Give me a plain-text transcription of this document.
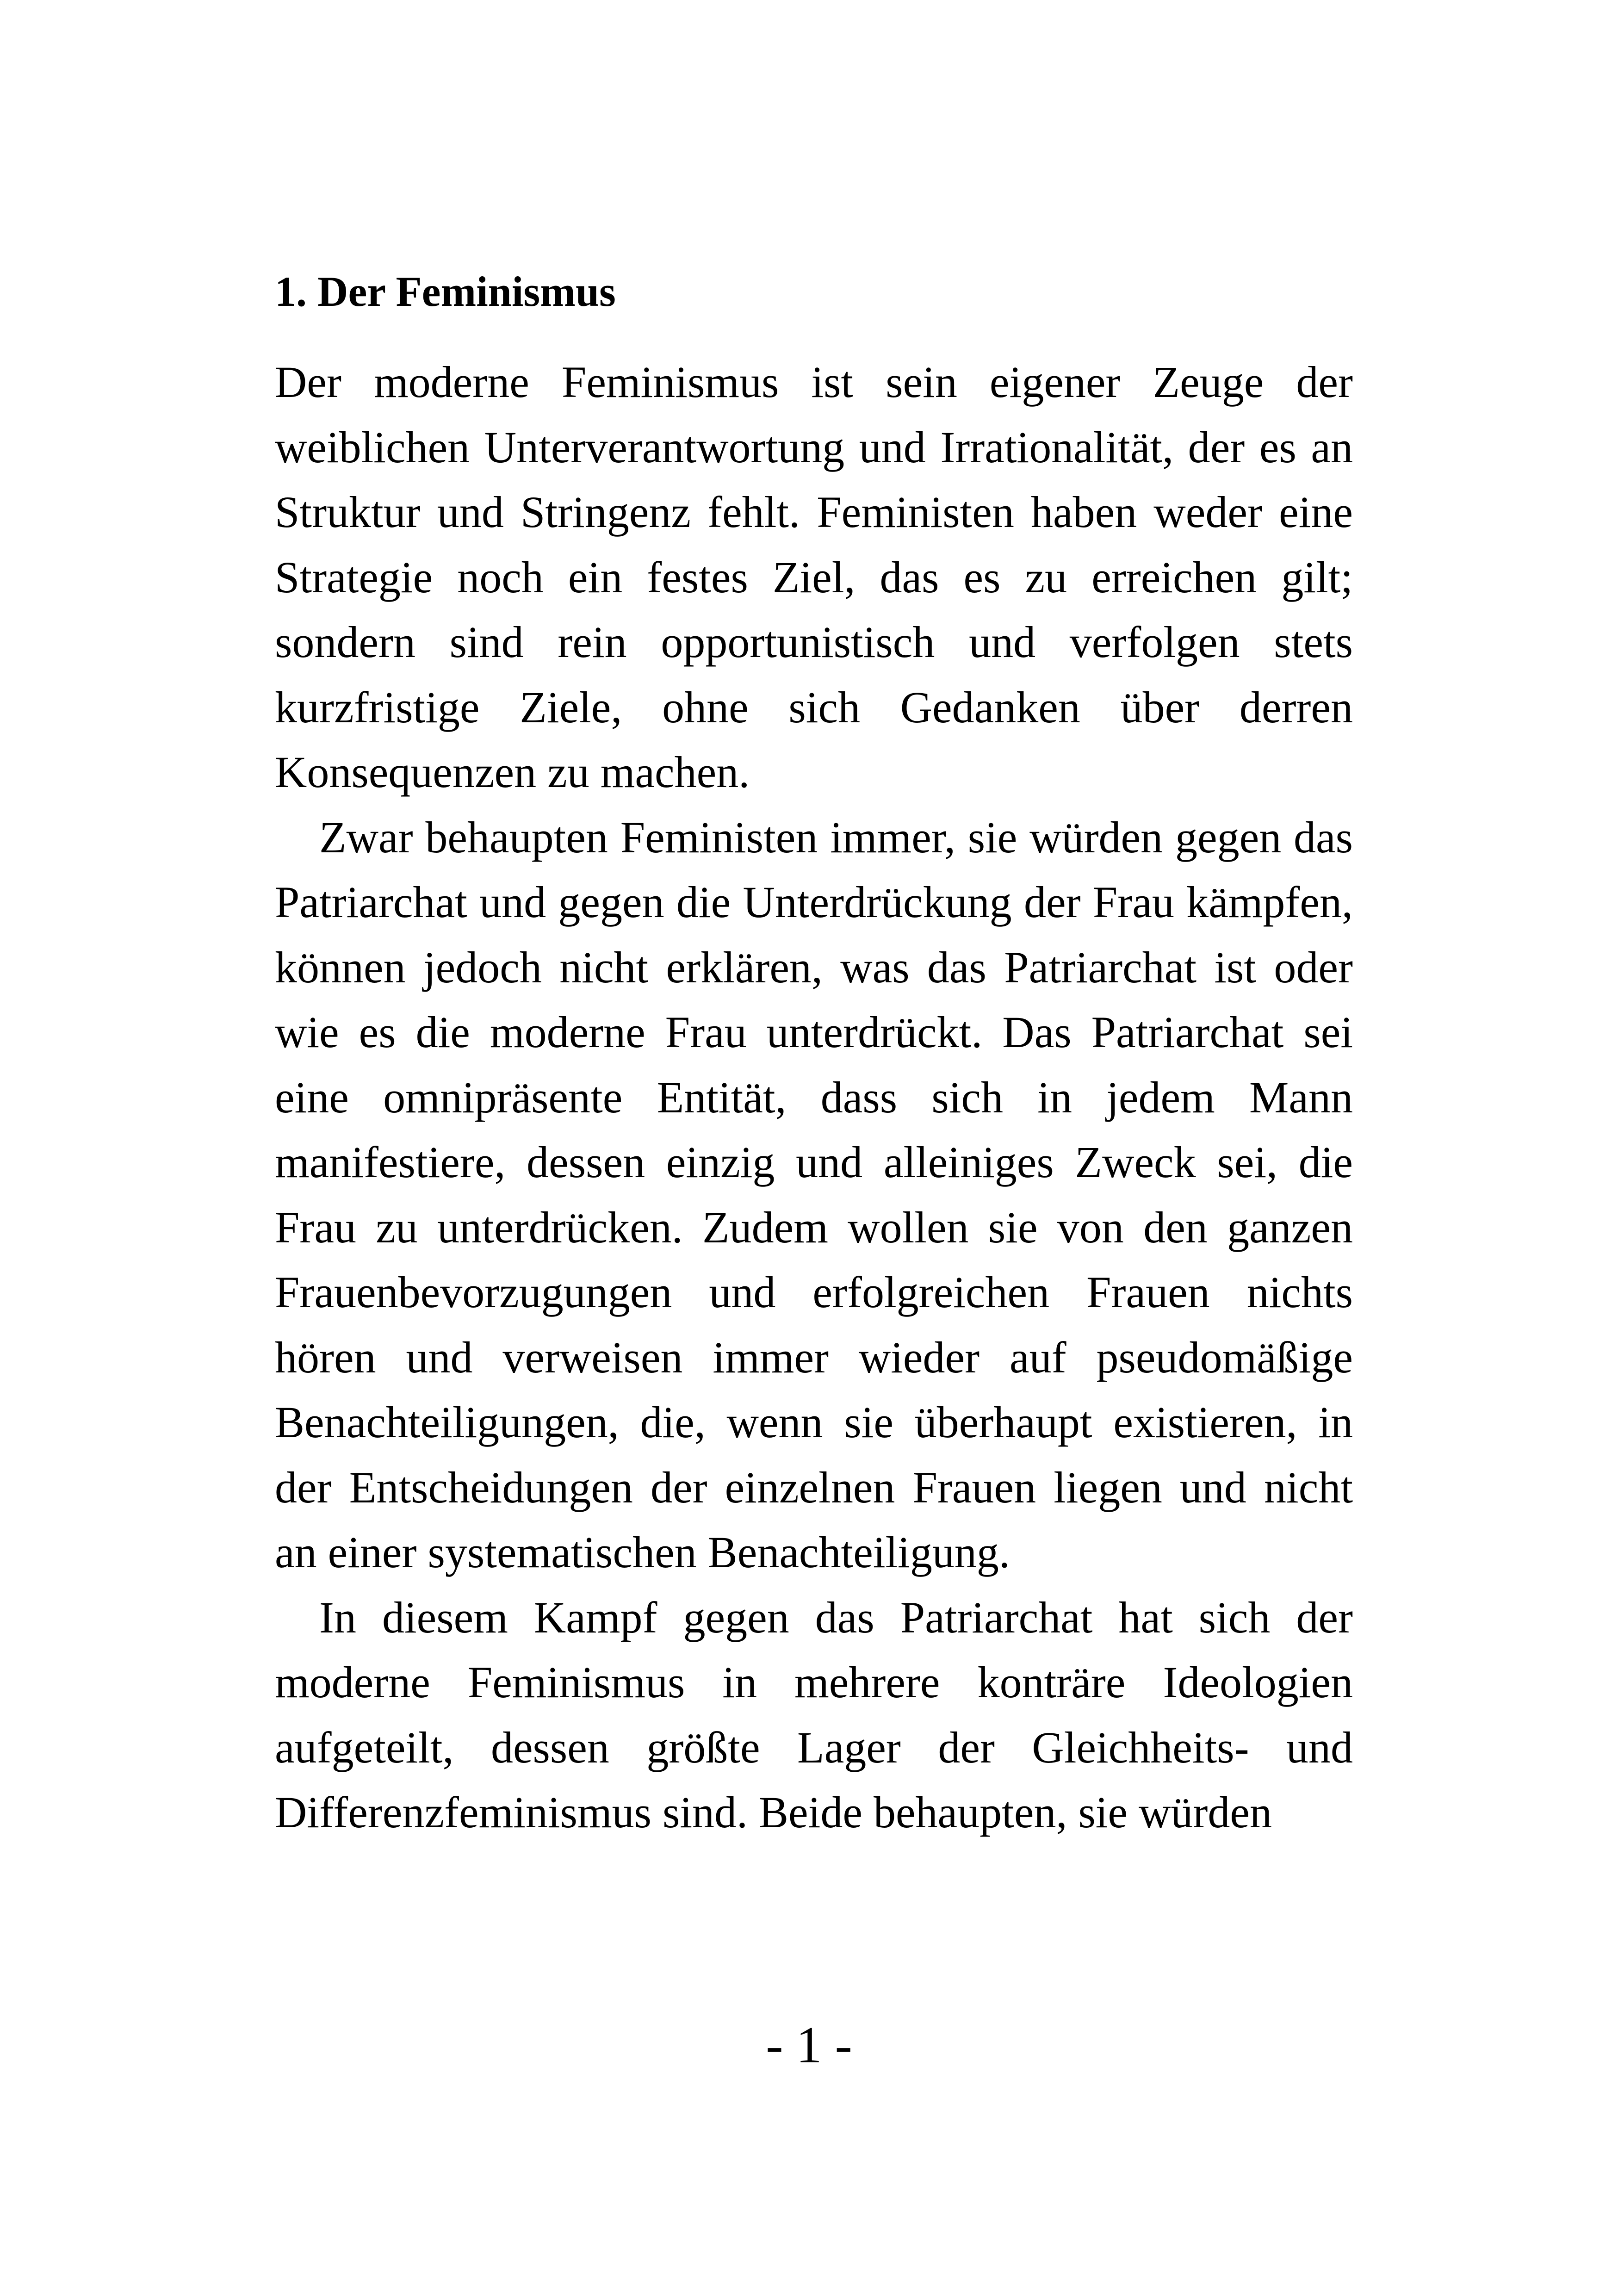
1. Der Feminismus

Der moderne Feminismus ist sein eigener Zeuge der weiblichen Unterverantwortung und Irrationalität, der es an Struktur und Stringenz fehlt. Feministen haben weder eine Strategie noch ein festes Ziel, das es zu erreichen gilt; sondern sind rein opportunistisch und verfolgen stets kurzfristige Ziele, ohne sich Gedanken über derren Konsequenzen zu machen.

Zwar behaupten Feministen immer, sie würden gegen das Patriarchat und gegen die Unterdrückung der Frau kämpfen, können jedoch nicht erklären, was das Patriarchat ist oder wie es die moderne Frau unterdrückt. Das Patriarchat sei eine omnipräsente Entität, dass sich in jedem Mann manifestiere, dessen einzig und alleiniges Zweck sei, die Frau zu unterdrücken. Zudem wollen sie von den ganzen Frauenbevorzugungen und erfolgreichen Frauen nichts hören und verweisen immer wieder auf pseudomäßige Benachteiligungen, die, wenn sie überhaupt existieren, in der Entscheidungen der einzelnen Frauen liegen und nicht an einer systematischen Benachteiligung.

In diesem Kampf gegen das Patriarchat hat sich der moderne Feminismus in mehrere konträre Ideologien aufgeteilt, dessen größte Lager der Gleichheits- und Differenzfeminismus sind. Beide behaupten, sie würden

- 1 -
